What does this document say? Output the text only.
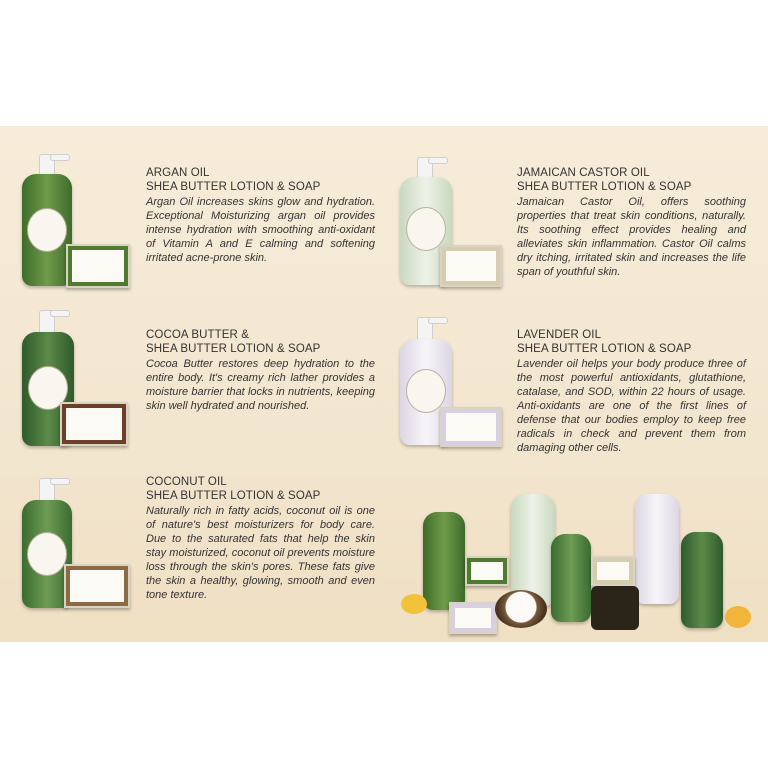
ARGAN OIL
SHEA BUTTER LOTION & SOAP

Argan Oil increases skins glow and hydration. Exceptional Moisturizing argan oil provides intense hydration with smoothing anti-oxidant of Vitamin A and E calming and softening irritated acne-prone skin.

JAMAICAN CASTOR OIL
SHEA BUTTER LOTION & SOAP

Jamaican Castor Oil, offers soothing properties that treat skin conditions, naturally. Its soothing effect provides healing and alleviates skin inflammation. Castor Oil calms dry itching, irritated skin and increases the life span of youthful skin.

COCOA BUTTER &
SHEA BUTTER LOTION & SOAP

Cocoa Butter restores deep hydration to the entire body. It's creamy rich lather provides a moisture barrier that locks in nutrients, keeping skin well hydrated and nourished.

LAVENDER OIL
SHEA BUTTER LOTION & SOAP

Lavender oil helps your body produce three of the most powerful antioxidants, glutathione, catalase, and SOD, within 22 hours of usage. Anti-oxidants are one of the first lines of defense that our bodies employ to keep free radicals in check and prevent them from damaging other cells.

COCONUT OIL
SHEA BUTTER LOTION & SOAP

Naturally rich in fatty acids, coconut oil is one of nature's best moisturizers for body care. Due to the saturated fats that help the skin stay moisturized, coconut oil prevents moisture loss through the skin's pores. These fats give the skin a healthy, glowing, smooth and even tone texture.
